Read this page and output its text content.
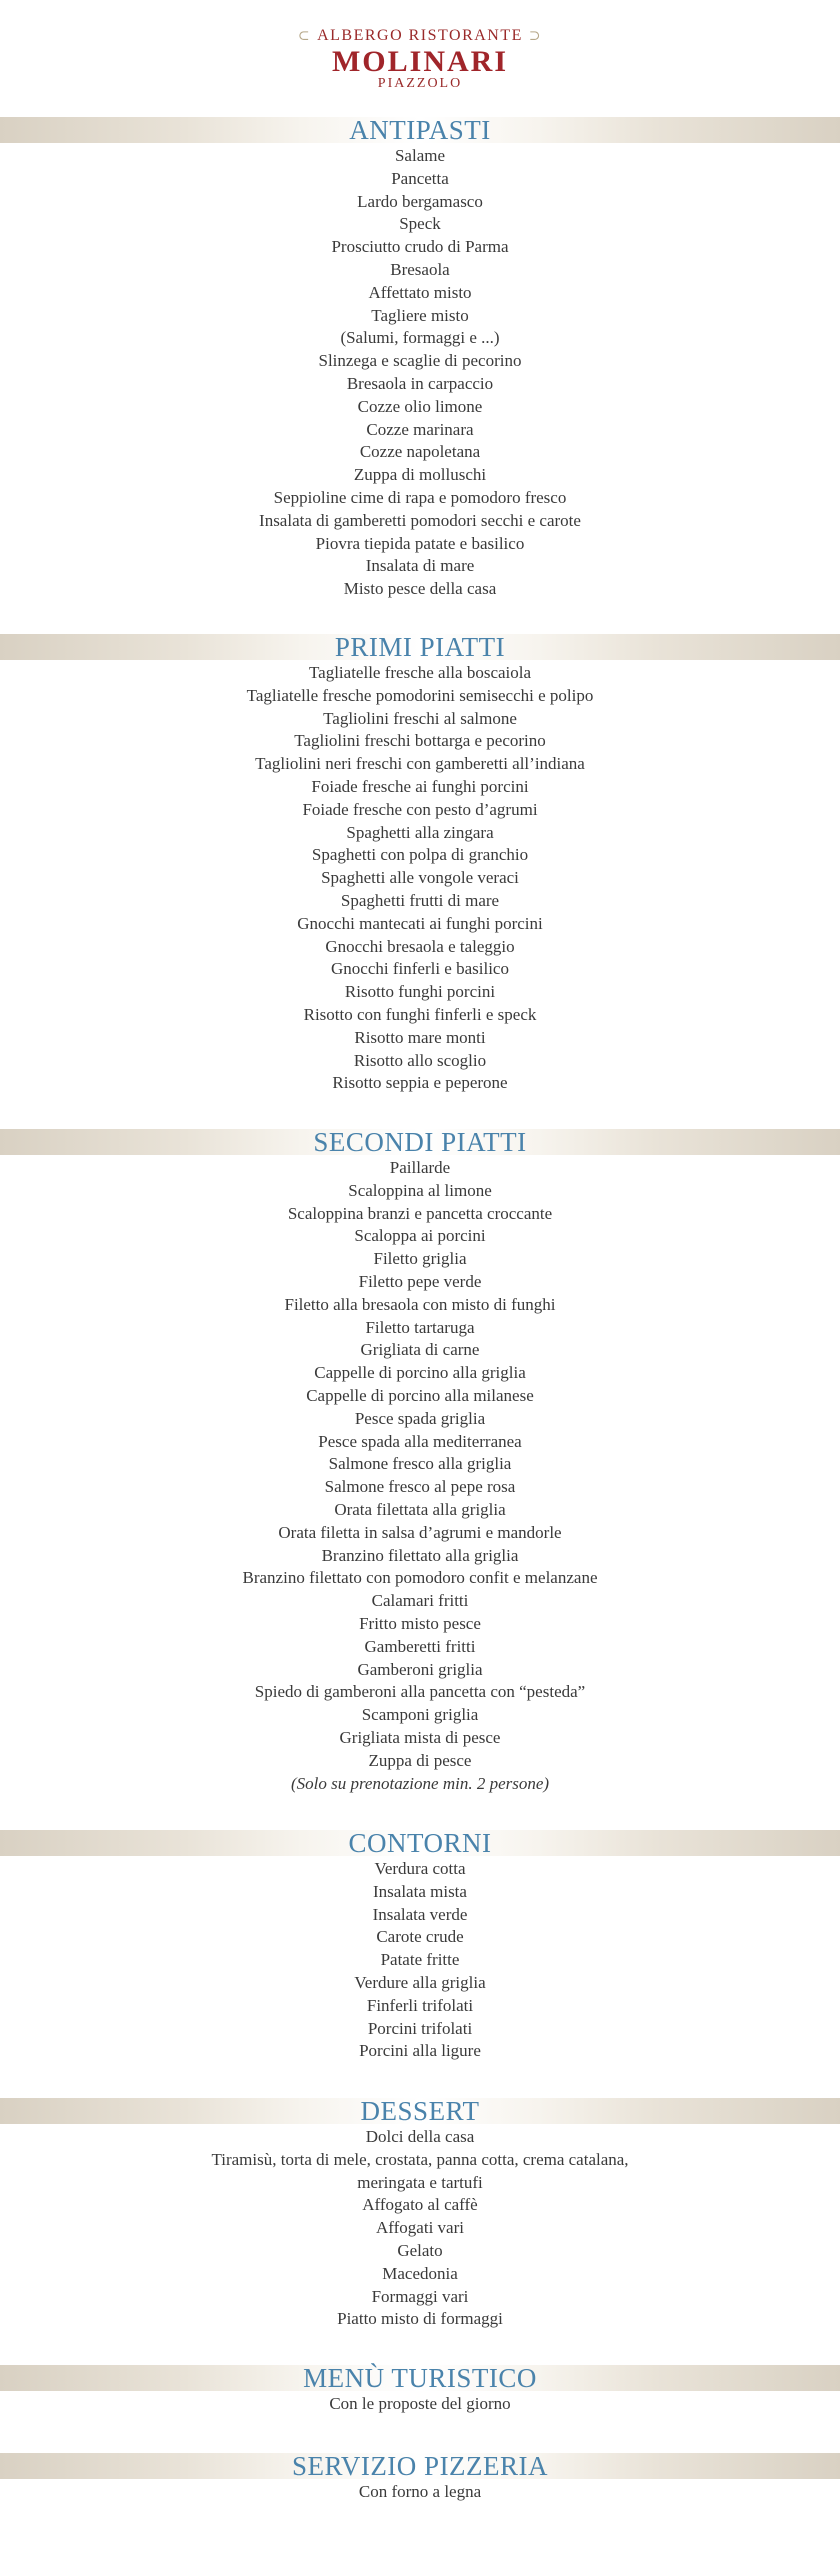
⊂ ALBERGO RISTORANTE ⊃
MOLINARI
PIAZZOLO
ANTIPASTI
Salame
Pancetta
Lardo bergamasco
Speck
Prosciutto crudo di Parma
Bresaola
Affettato misto
Tagliere misto
(Salumi, formaggi e ...)
Slinzega e scaglie di pecorino
Bresaola in carpaccio
Cozze olio limone
Cozze marinara
Cozze napoletana
Zuppa di molluschi
Seppioline cime di rapa e pomodoro fresco
Insalata di gamberetti pomodori secchi e carote
Piovra tiepida patate e basilico
Insalata di mare
Misto pesce della casa
PRIMI PIATTI
Tagliatelle fresche alla boscaiola
Tagliatelle fresche pomodorini semisecchi e polipo
Tagliolini freschi al salmone
Tagliolini freschi bottarga e pecorino
Tagliolini neri freschi con gamberetti all’indiana
Foiade fresche ai funghi porcini
Foiade fresche con pesto d’agrumi
Spaghetti alla zingara
Spaghetti con polpa di granchio
Spaghetti alle vongole veraci
Spaghetti frutti di mare
Gnocchi mantecati ai funghi porcini
Gnocchi bresaola e taleggio
Gnocchi finferli e basilico
Risotto funghi porcini
Risotto con funghi finferli e speck
Risotto mare monti
Risotto allo scoglio
Risotto seppia e peperone
SECONDI PIATTI
Paillarde
Scaloppina al limone
Scaloppina branzi e pancetta croccante
Scaloppa ai porcini
Filetto griglia
Filetto pepe verde
Filetto alla bresaola con misto di funghi
Filetto tartaruga
Grigliata di carne
Cappelle di porcino alla griglia
Cappelle di porcino alla milanese
Pesce spada griglia
Pesce spada alla mediterranea
Salmone fresco alla griglia
Salmone fresco al pepe rosa
Orata filettata alla griglia
Orata filetta in salsa d’agrumi e mandorle
Branzino filettato alla griglia
Branzino filettato con pomodoro confit e melanzane
Calamari fritti
Fritto misto pesce
Gamberetti fritti
Gamberoni griglia
Spiedo di gamberoni alla pancetta con “pesteda”
Scamponi griglia
Grigliata mista di pesce
Zuppa di pesce
(Solo su prenotazione min. 2 persone)
CONTORNI
Verdura cotta
Insalata mista
Insalata verde
Carote crude
Patate fritte
Verdure alla griglia
Finferli trifolati
Porcini trifolati
Porcini alla ligure
DESSERT
Dolci della casa
Tiramisù, torta di mele, crostata, panna cotta, crema catalana,
meringata e tartufi
Affogato al caffè
Affogati vari
Gelato
Macedonia
Formaggi vari
Piatto misto di formaggi
MENÙ TURISTICO
Con le proposte del giorno
SERVIZIO PIZZERIA
Con forno a legna
